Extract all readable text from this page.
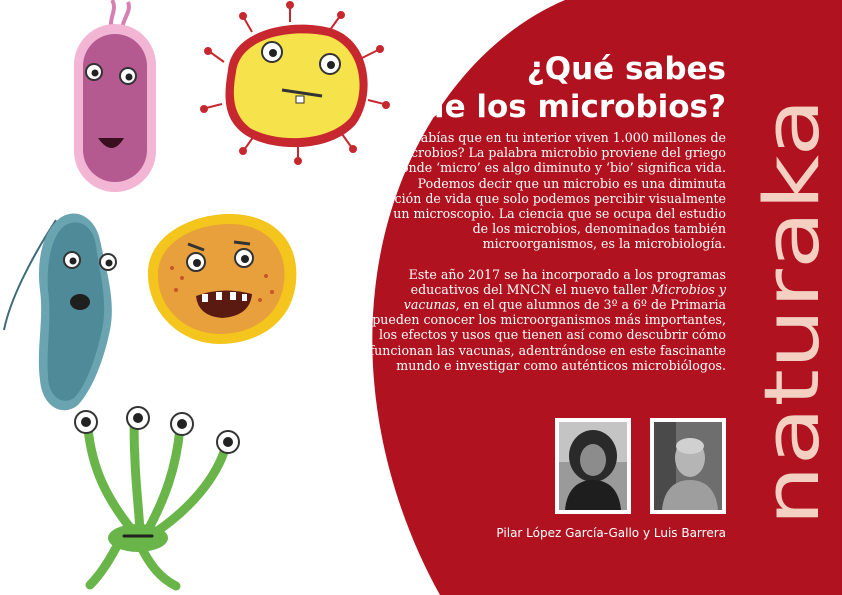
¿Qué sabes
de los microbios?

¿Sabías que en tu interior viven 1.000 millones de microbios? La palabra microbio proviene del griego donde ‘micro’ es algo diminuto y ‘bio’ significa vida. Podemos decir que un microbio es una diminuta porción de vida que solo podemos percibir visualmente con un microscopio. La ciencia que se ocupa del estudio de los microbios, denominados también microorganismos, es la microbiología.

Este año 2017 se ha incorporado a los programas educativos del MNCN el nuevo taller Microbios y vacunas, en el que alumnos de 3º a 6º de Primaria pueden conocer los microorganismos más importantes, los efectos y usos que tienen así como descubrir cómo funcionan las vacunas, adentrándose en este fascinante mundo e investigar como auténticos microbiólogos.

Pilar López García-Gallo y Luis Barrera
naturaka
